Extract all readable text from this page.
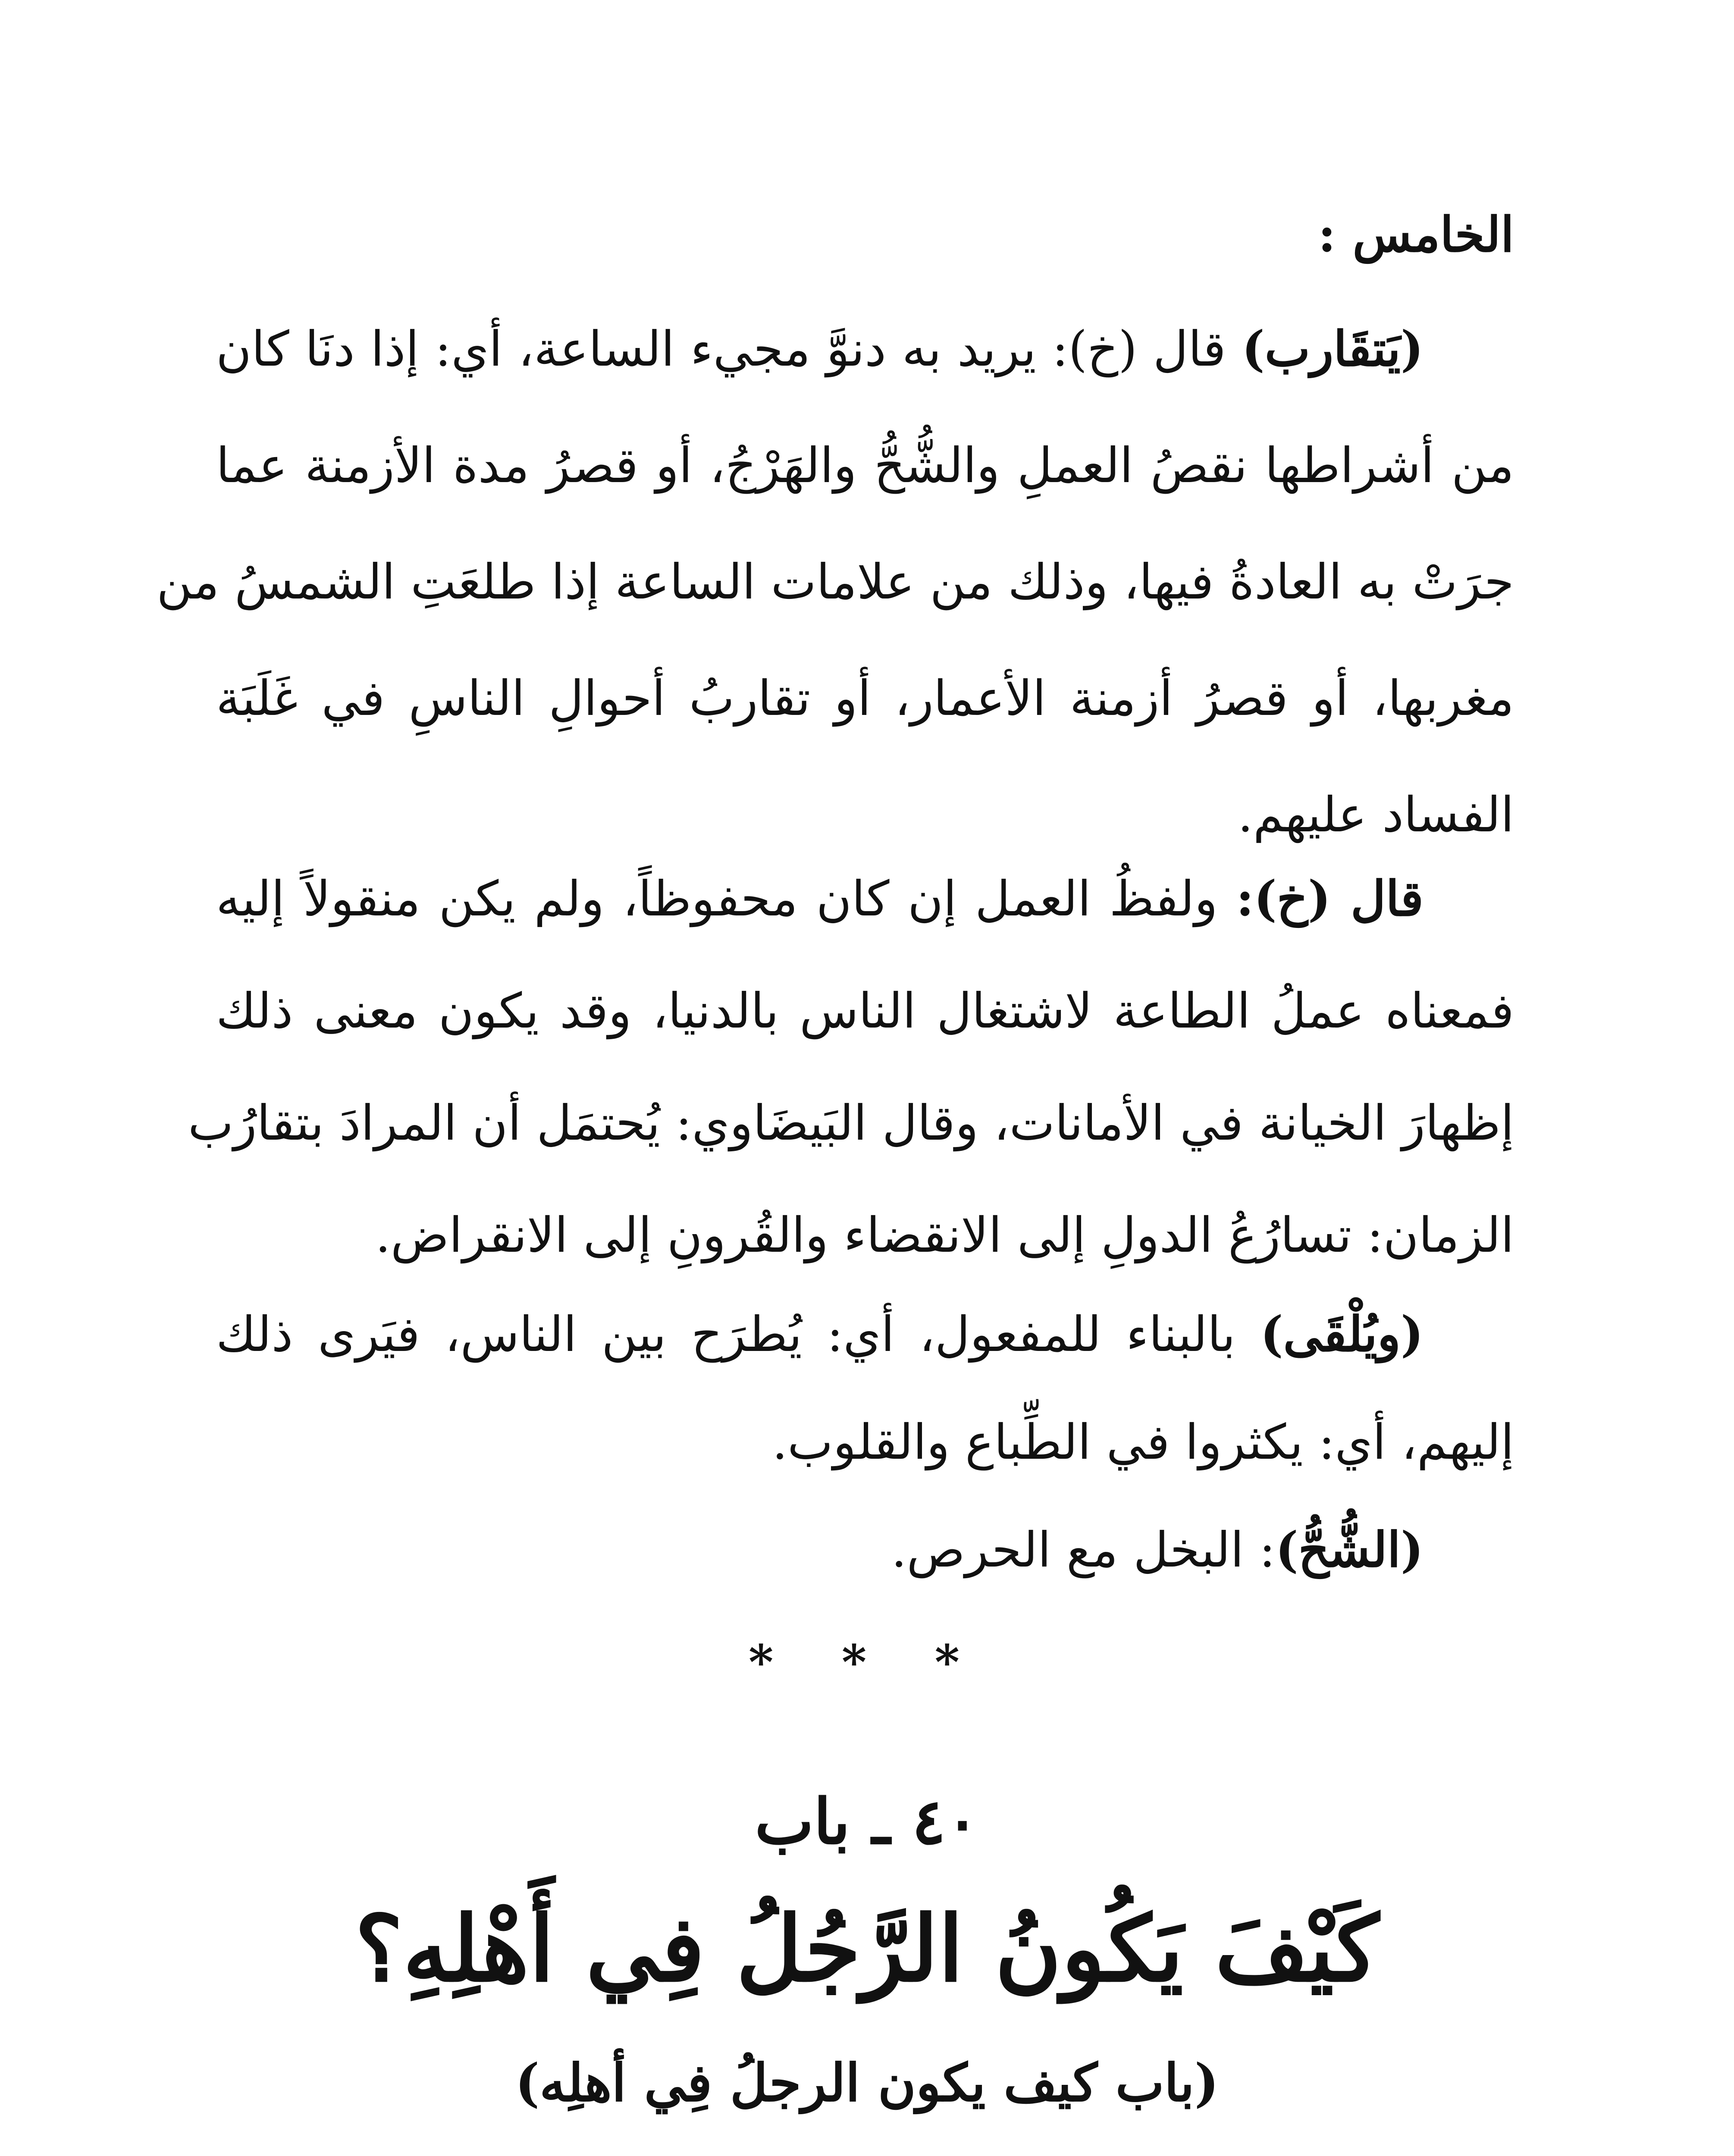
الخامس :
(يَتقَارب) قال (خ): يريد به دنوَّ مجيء الساعة، أي: إذا دنَا كان
من أشراطها نقصُ العملِ والشُّحُّ والهَرْجُ، أو قصرُ مدة الأزمنة عما
جرَتْ به العادةُ فيها، وذلك من علامات الساعة إذا طلعَتِ الشمسُ من
مغربها، أو قصرُ أزمنة الأعمار، أو تقاربُ أحوالِ الناسِ في غَلَبَة
الفساد عليهم.
قال (خ): ولفظُ العمل إن كان محفوظاً، ولم يكن منقولاً إليه
فمعناه عملُ الطاعة لاشتغال الناس بالدنيا، وقد يكون معنى ذلك
إظهارَ الخيانة في الأمانات، وقال البَيضَاوي: يُحتمَل أن المرادَ بتقارُب
الزمان: تسارُعُ الدولِ إلى الانقضاء والقُرونِ إلى الانقراض.
(ويُلْقَى) بالبناء للمفعول، أي: يُطرَح بين الناس، فيَرى ذلك
إليهم، أي: يكثروا في الطِّباع والقلوب.
(الشُّحُّ): البخل مع الحرص.
* * *
٤٠ ـ باب
كَيْفَ يَكُونُ الرَّجُلُ فِي أَهْلِهِ؟
(باب كيف يكون الرجلُ فِي أهلِه)
